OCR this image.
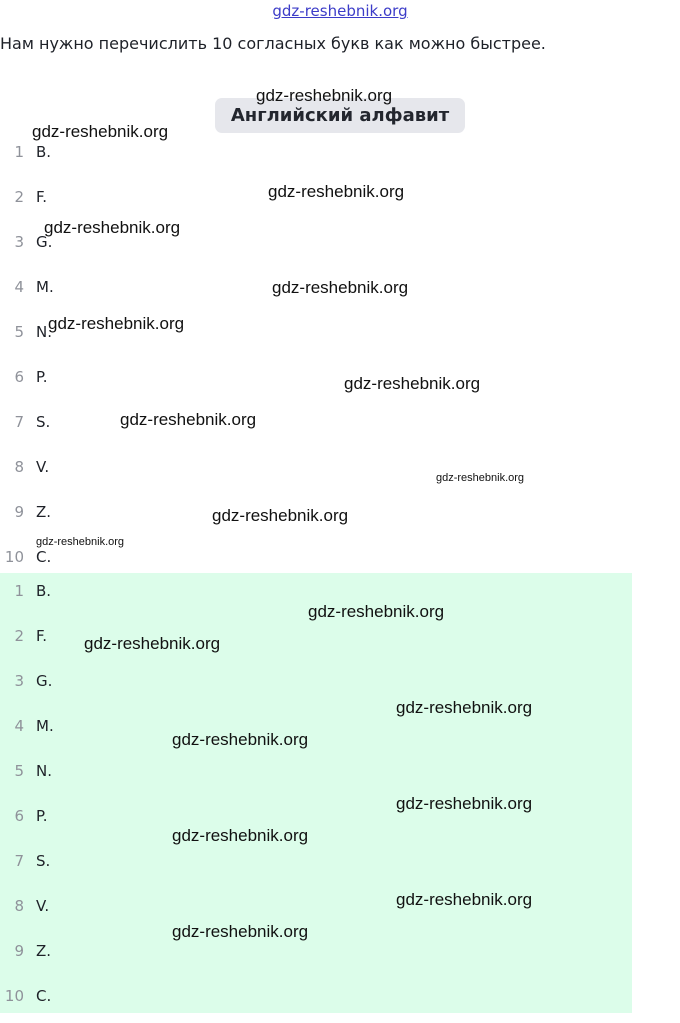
gdz-reshebnik.org
Нам нужно перечислить 10 согласных букв как можно быстрее.
Английский алфавит
1 B.
2 F.
3 G.
4 M.
5 N.
6 P.
7 S.
8 V.
9 Z.
10 C.
1 B.
2 F.
3 G.
4 M.
5 N.
6 P.
7 S.
8 V.
9 Z.
10 C.
gdz-reshebnik.org
gdz-reshebnik.org
gdz-reshebnik.org
gdz-reshebnik.org
gdz-reshebnik.org
gdz-reshebnik.org
gdz-reshebnik.org
gdz-reshebnik.org
gdz-reshebnik.org
gdz-reshebnik.org
gdz-reshebnik.org
gdz-reshebnik.org
gdz-reshebnik.org
gdz-reshebnik.org
gdz-reshebnik.org
gdz-reshebnik.org
gdz-reshebnik.org
gdz-reshebnik.org
gdz-reshebnik.org
